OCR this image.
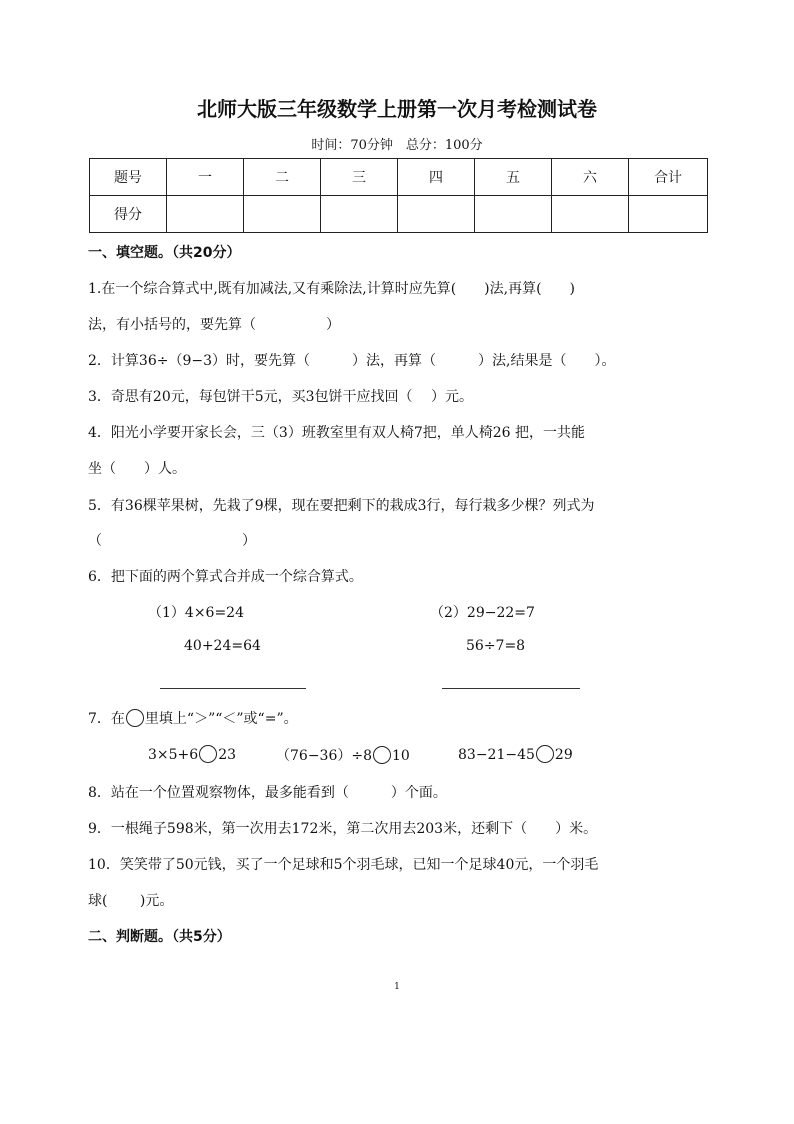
北师大版三年级数学上册第一次月考检测试卷
时间：70分钟　总分：100分
题号	一	二	三	四	五	六	合计
得分							
一、填空题。（共20分）
1.在一个综合算式中,既有加减法,又有乘除法,计算时应先算(　　)法,再算(　　)
法，有小括号的，要先算（　　　　　）
2．计算36÷（9−3）时，要先算（　　　）法，再算（　　　）法,结果是（　　）。
3．奇思有20元，每包饼干5元，买3包饼干应找回（　 ）元。
4．阳光小学要开家长会，三（3）班教室里有双人椅7把，单人椅26 把，一共能
坐（　　）人。
5．有36棵苹果树，先栽了9棵，现在要把剩下的栽成3行，每行栽多少棵？列式为
（　　　　　　　　　　）
6．把下面的两个算式合并成一个综合算式。
（1）4×6=24
40+24=64
（2）29−22=7
56÷7=8
7．在 里填上“＞”“＜”或“=”。
3×5+6 23	（76−36）÷8 10	83−21−45 29
8．站在一个位置观察物体，最多能看到（　　　）个面。
9．一根绳子598米，第一次用去172米，第二次用去203米，还剩下（　　）米。
10．笑笑带了50元钱，买了一个足球和5个羽毛球，已知一个足球40元，一个羽毛
球(　　 )元。
二、判断题。（共5分）
1
